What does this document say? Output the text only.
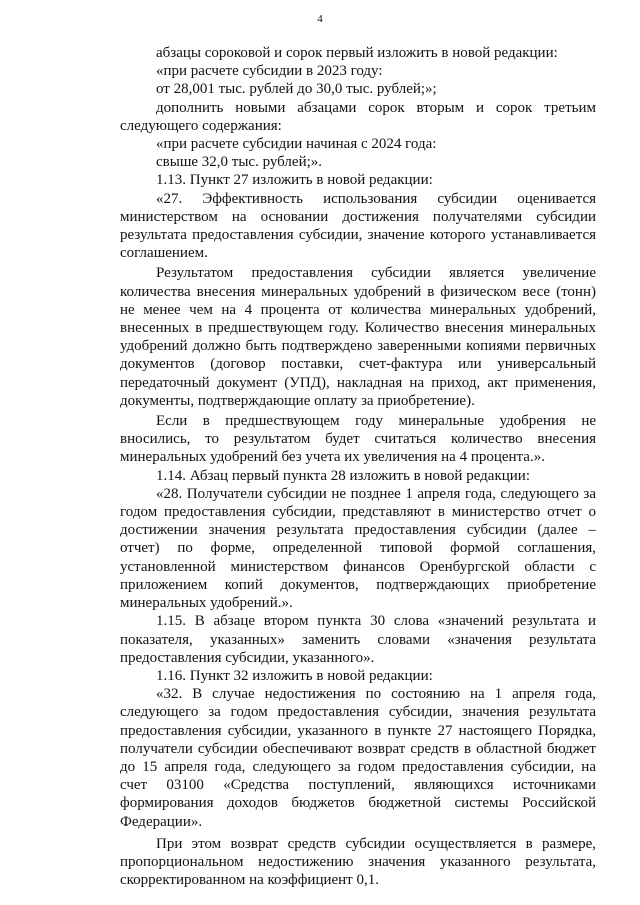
4

абзацы сороковой и сорок первый изложить в новой редакции:

«при расчете субсидии в 2023 году:

от 28,001 тыс. рублей до 30,0 тыс. рублей;»;

дополнить новыми абзацами сорок вторым и сорок третьим следующего содержания:

«при расчете субсидии начиная с 2024 года:

свыше 32,0 тыс. рублей;».

1.13. Пункт 27 изложить в новой редакции:

«27. Эффективность использования субсидии оценивается министерством на основании достижения получателями субсидии результата предоставления субсидии, значение которого устанавливается соглашением.

Результатом предоставления субсидии является увеличение количества внесения минеральных удобрений в физическом весе (тонн) не менее чем на 4 процента от количества минеральных удобрений, внесенных в предшествующем году. Количество внесения минеральных удобрений должно быть подтверждено заверенными копиями первичных документов (договор поставки, счет-фактура или универсальный передаточный документ (УПД), накладная на приход, акт применения, документы, подтверждающие оплату за приобретение).

Если в предшествующем году минеральные удобрения не вносились, то результатом будет считаться количество внесения минеральных удобрений без учета их увеличения на 4 процента.».

1.14. Абзац первый пункта 28 изложить в новой редакции:

«28. Получатели субсидии не позднее 1 апреля года, следующего за годом предоставления субсидии, представляют в министерство отчет о достижении значения результата предоставления субсидии (далее – отчет) по форме, определенной типовой формой соглашения, установленной министерством финансов Оренбургской области с приложением копий документов, подтверждающих приобретение минеральных удобрений.».

1.15. В абзаце втором пункта 30 слова «значений результата и показателя, указанных» заменить словами «значения результата предоставления субсидии, указанного».

1.16. Пункт 32 изложить в новой редакции:

«32. В случае недостижения по состоянию на 1 апреля года, следующего за годом предоставления субсидии, значения результата предоставления субсидии, указанного в пункте 27 настоящего Порядка, получатели субсидии обеспечивают возврат средств в областной бюджет до 15 апреля года, следующего за годом предоставления субсидии, на счет 03100 «Средства поступлений, являющихся источниками формирования доходов бюджетов бюджетной системы Российской Федерации».

При этом возврат средств субсидии осуществляется в размере, пропорциональном недостижению значения указанного результата, скорректированном на коэффициент 0,1.
